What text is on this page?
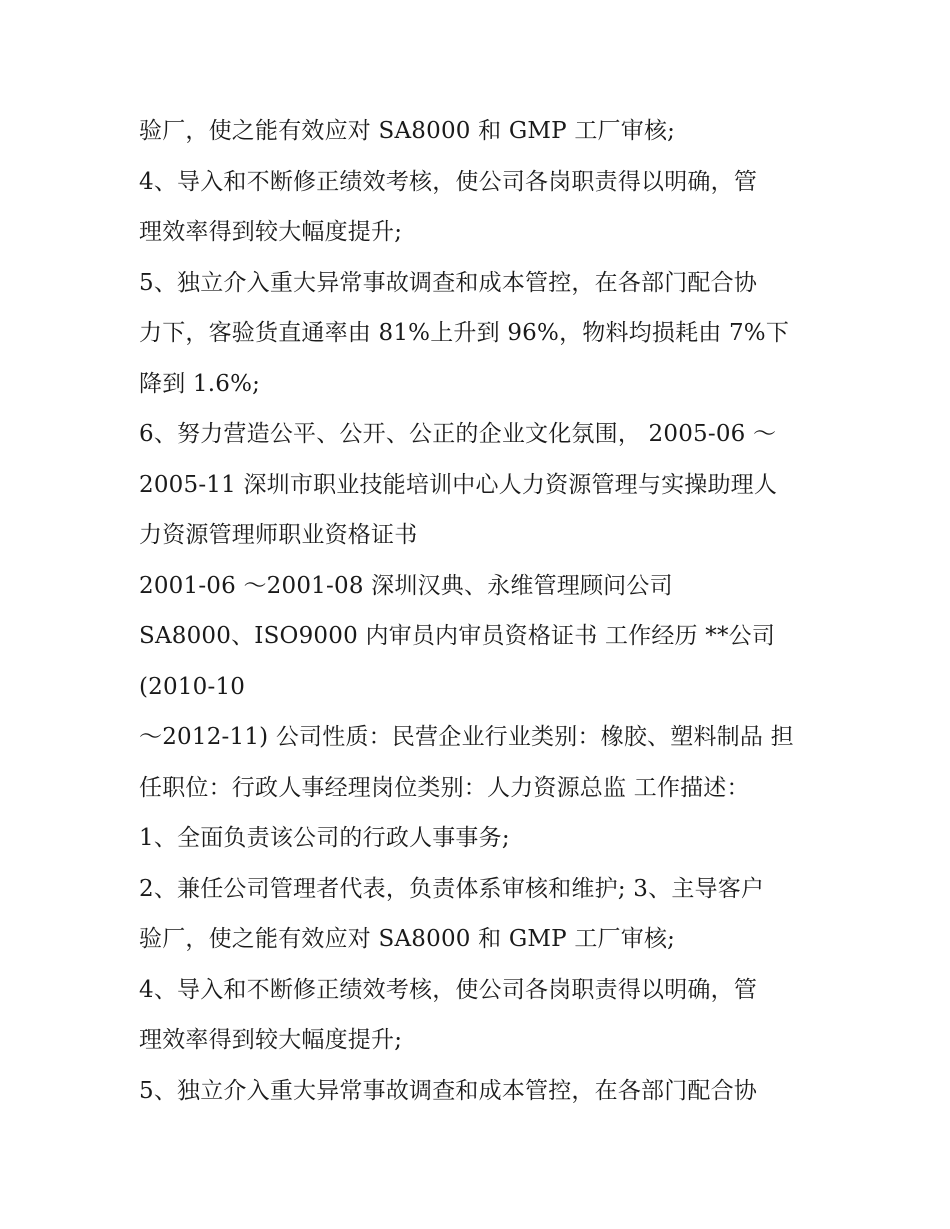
验厂，使之能有效应对 SA8000 和 GMP 工厂审核;
4、导入和不断修正绩效考核，使公司各岗职责得以明确，管
理效率得到较大幅度提升;
5、独立介入重大异常事故调查和成本管控，在各部门配合协
力下，客验货直通率由 81%上升到 96%，物料均损耗由 7%下
降到 1.6%;
6、努力营造公平、公开、公正的企业文化氛围， 2005-06 ～
2005-11 深圳市职业技能培训中心人力资源管理与实操助理人
力资源管理师职业资格证书
2001-06 ～2001-08 深圳汉典、永维管理顾问公司
SA8000、ISO9000 内审员内审员资格证书 工作经历 **公司
(2010-10
～2012-11) 公司性质：民营企业行业类别：橡胶、塑料制品 担
任职位：行政人事经理岗位类别：人力资源总监 工作描述：
1、全面负责该公司的行政人事事务;
2、兼任公司管理者代表，负责体系审核和维护; 3、主导客户
验厂，使之能有效应对 SA8000 和 GMP 工厂审核;
4、导入和不断修正绩效考核，使公司各岗职责得以明确，管
理效率得到较大幅度提升;
5、独立介入重大异常事故调查和成本管控，在各部门配合协
